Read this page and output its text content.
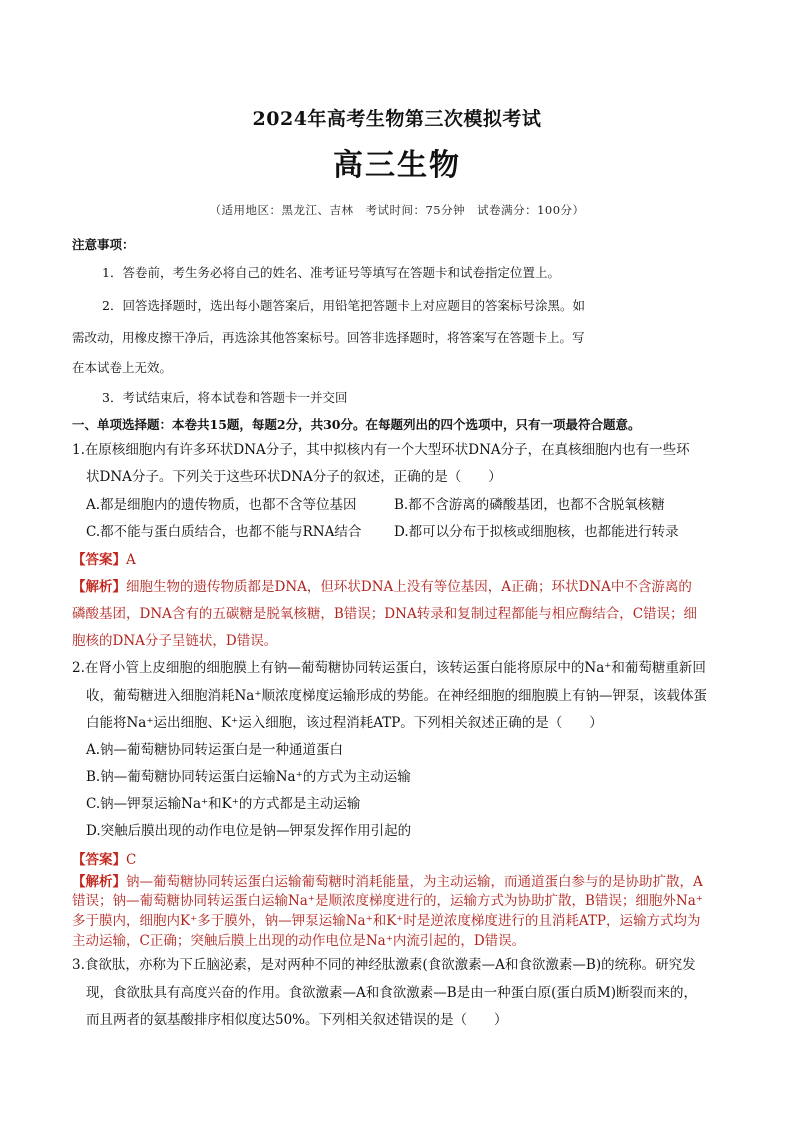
2024年高考生物第三次模拟考试
高三生物
（适用地区：黑龙江、吉林　考试时间：75分钟　试卷满分：100分）
注意事项：
1．答卷前，考生务必将自己的姓名、准考证号等填写在答题卡和试卷指定位置上。
2．回答选择题时，选出每小题答案后，用铅笔把答题卡上对应题目的答案标号涂黑。如
需改动，用橡皮擦干净后，再选涂其他答案标号。回答非选择题时，将答案写在答题卡上。写
在本试卷上无效。
3．考试结束后，将本试卷和答题卡一并交回
一、单项选择题：本卷共15题，每题2分，共30分。在每题列出的四个选项中，只有一项最符合题意。
1.在原核细胞内有许多环状DNA分子，其中拟核内有一个大型环状DNA分子，在真核细胞内也有一些环
状DNA分子。下列关于这些环状DNA分子的叙述，正确的是（　　）
A.都是细胞内的遗传物质，也都不含等位基因	B.都不含游离的磷酸基团，也都不含脱氧核糖
C.都不能与蛋白质结合，也都不能与RNA结合	D.都可以分布于拟核或细胞核，也都能进行转录
【答案】A
【解析】细胞生物的遗传物质都是DNA，但环状DNA上没有等位基因，A正确；环状DNA中不含游离的
磷酸基团，DNA含有的五碳糖是脱氧核糖，B错误；DNA转录和复制过程都能与相应酶结合，C错误；细
胞核的DNA分子呈链状，D错误。
2.在肾小管上皮细胞的细胞膜上有钠—葡萄糖协同转运蛋白，该转运蛋白能将原尿中的Na⁺和葡萄糖重新回
收，葡萄糖进入细胞消耗Na⁺顺浓度梯度运输形成的势能。在神经细胞的细胞膜上有钠—钾泵，该载体蛋
白能将Na⁺运出细胞、K⁺运入细胞，该过程消耗ATP。下列相关叙述正确的是（　　）
A.钠—葡萄糖协同转运蛋白是一种通道蛋白
B.钠—葡萄糖协同转运蛋白运输Na⁺的方式为主动运输
C.钠—钾泵运输Na⁺和K⁺的方式都是主动运输
D.突触后膜出现的动作电位是钠—钾泵发挥作用引起的
【答案】C
【解析】钠—葡萄糖协同转运蛋白运输葡萄糖时消耗能量，为主动运输，而通道蛋白参与的是协助扩散，A
错误；钠—葡萄糖协同转运蛋白运输Na⁺是顺浓度梯度进行的，运输方式为协助扩散，B错误；细胞外Na⁺
多于膜内，细胞内K⁺多于膜外，钠—钾泵运输Na⁺和K⁺时是逆浓度梯度进行的且消耗ATP，运输方式均为
主动运输，C正确；突触后膜上出现的动作电位是Na⁺内流引起的，D错误。
3.食欲肽，亦称为下丘脑泌素，是对两种不同的神经肽激素(食欲激素—A和食欲激素—B)的统称。研究发
现，食欲肽具有高度兴奋的作用。食欲激素—A和食欲激素—B是由一种蛋白原(蛋白质M)断裂而来的，
而且两者的氨基酸排序相似度达50%。下列相关叙述错误的是（　　）
